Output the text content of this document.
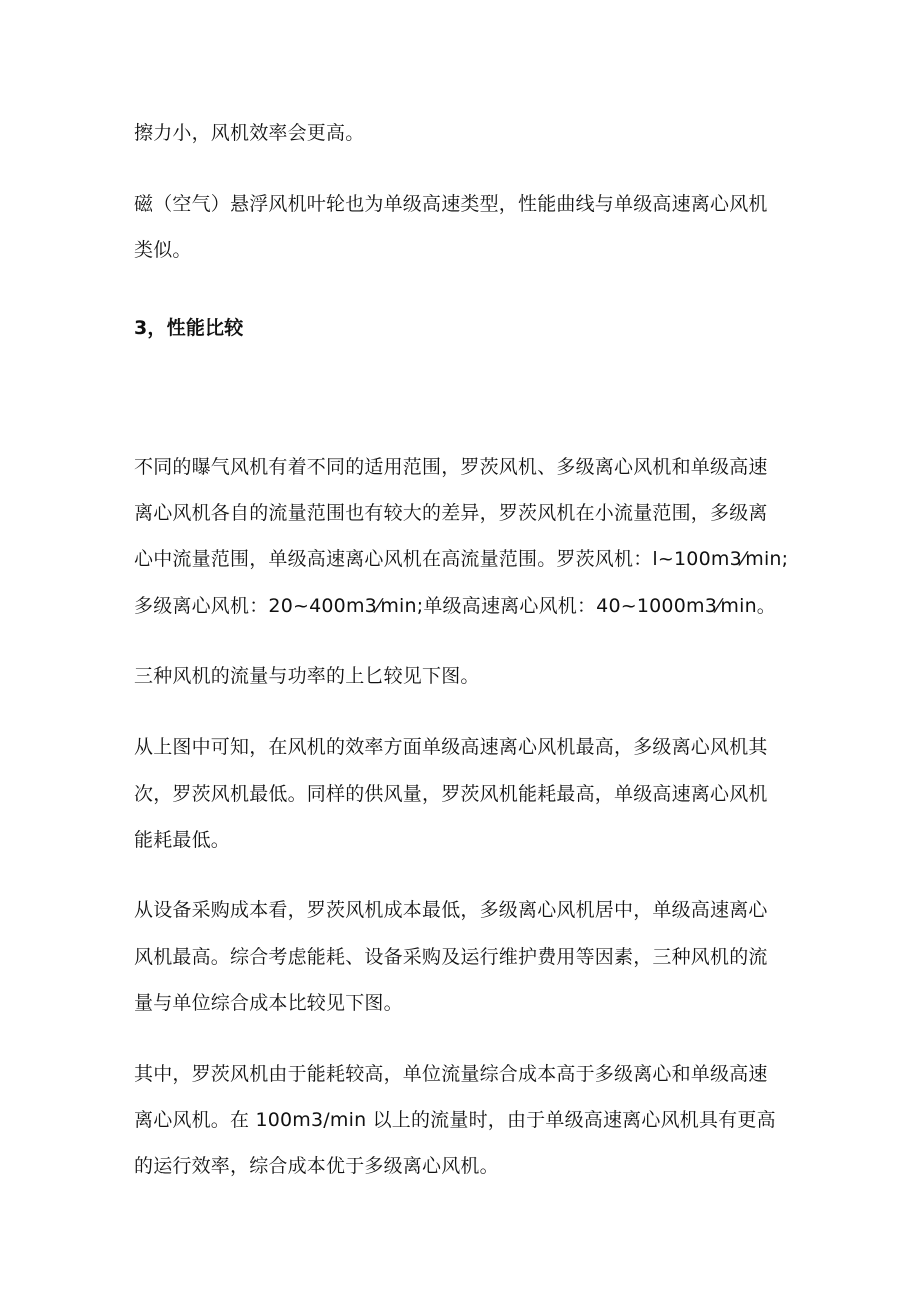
擦力小，风机效率会更高。
磁（空气）悬浮风机叶轮也为单级高速类型，性能曲线与单级高速离心风机
类似。
3，性能比较
不同的曝气风机有着不同的适用范围，罗茨风机、多级离心风机和单级高速
离心风机各自的流量范围也有较大的差异，罗茨风机在小流量范围，多级离
心中流量范围，单级高速离心风机在高流量范围。罗茨风机：l~100m3⁄min;
多级离心风机：20~400m3⁄min;单级高速离心风机：40~1000m3⁄min。
三种风机的流量与功率的上匕较见下图。
从上图中可知，在风机的效率方面单级高速离心风机最高，多级离心风机其
次，罗茨风机最低。同样的供风量，罗茨风机能耗最高，单级高速离心风机
能耗最低。
从设备采购成本看，罗茨风机成本最低，多级离心风机居中，单级高速离心
风机最高。综合考虑能耗、设备采购及运行维护费用等因素，三种风机的流
量与单位综合成本比较见下图。
其中，罗茨风机由于能耗较高，单位流量综合成本高于多级离心和单级高速
离心风机。在 100m3/min 以上的流量时，由于单级高速离心风机具有更高
的运行效率，综合成本优于多级离心风机。
